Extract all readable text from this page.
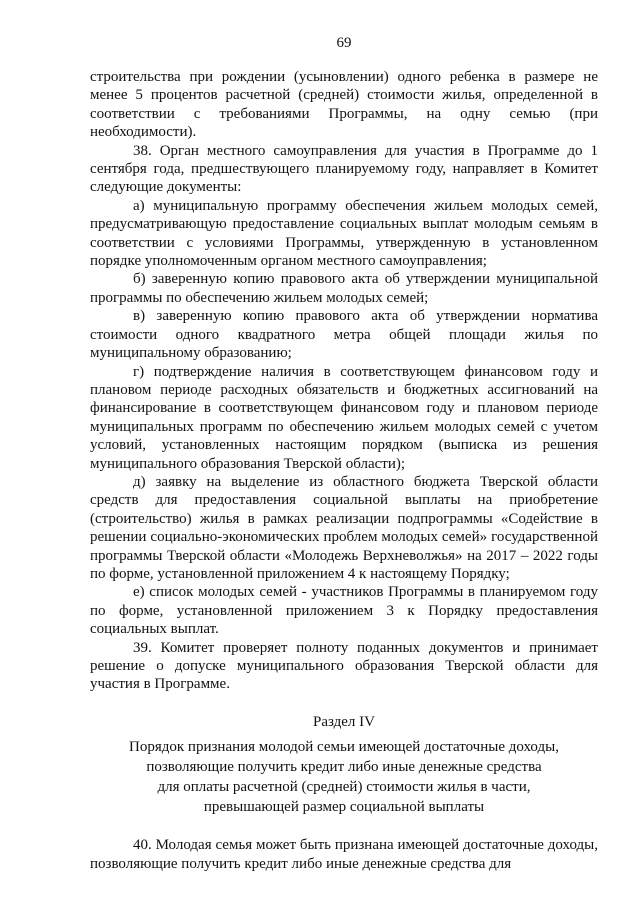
69

строительства при рождении (усыновлении) одного ребенка в размере не менее 5 процентов расчетной (средней) стоимости жилья, определенной в соответствии с требованиями Программы, на одну семью (при необходимости).

38. Орган местного самоуправления для участия в Программе до 1 сентября года, предшествующего планируемому году, направляет в Комитет следующие документы:

а) муниципальную программу обеспечения жильем молодых семей, предусматривающую предоставление социальных выплат молодым семьям в соответствии с условиями Программы, утвержденную в установленном порядке уполномоченным органом местного самоуправления;

б) заверенную копию правового акта об утверждении муниципальной программы по обеспечению жильем молодых семей;

в) заверенную копию правового акта об утверждении норматива стоимости одного квадратного метра общей площади жилья по муниципальному образованию;

г) подтверждение наличия в соответствующем финансовом году и плановом периоде расходных обязательств и бюджетных ассигнований на финансирование в соответствующем финансовом году и плановом периоде муниципальных программ по обеспечению жильем молодых семей с учетом условий, установленных настоящим порядком (выписка из решения муниципального образования Тверской области);

д) заявку на выделение из областного бюджета Тверской области средств для предоставления социальной выплаты на приобретение (строительство) жилья в рамках реализации подпрограммы «Содействие в решении социально-экономических проблем молодых семей» государственной программы Тверской области «Молодежь Верхневолжья» на 2017 – 2022 годы по форме, установленной приложением 4 к настоящему Порядку;

е) список молодых семей - участников Программы в планируемом году по форме, установленной приложением 3 к Порядку предоставления социальных выплат.

39. Комитет проверяет полноту поданных документов и принимает решение о допуске муниципального образования Тверской области для участия в Программе.

Раздел IV
Порядок признания молодой семьи имеющей достаточные доходы,
позволяющие получить кредит либо иные денежные средства
для оплаты расчетной (средней) стоимости жилья в части,
превышающей размер социальной выплаты

40. Молодая семья может быть признана имеющей достаточные доходы, позволяющие получить кредит либо иные денежные средства для
